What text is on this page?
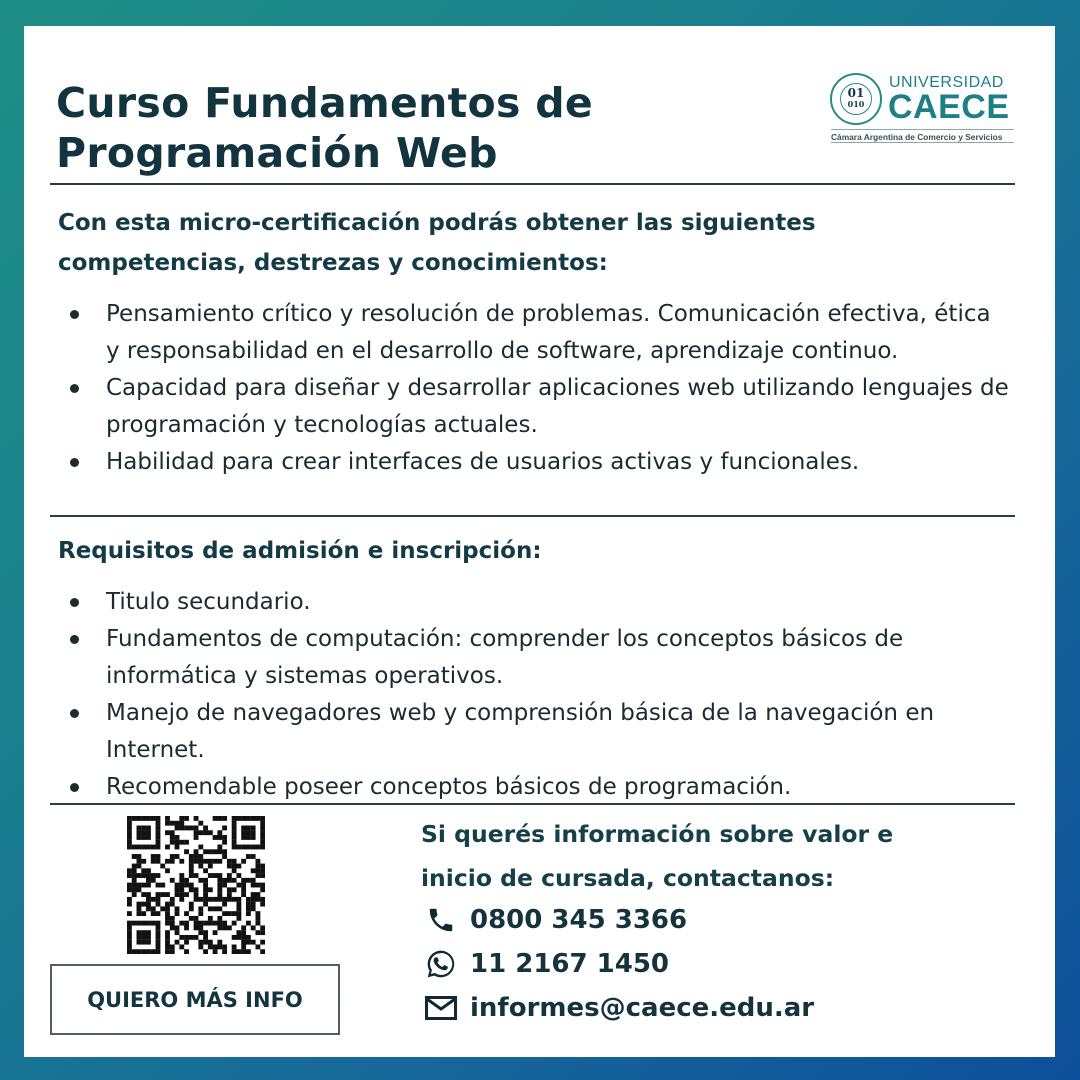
Curso Fundamentos de
Programación Web
01
010
UNIVERSIDAD
CAECE
Cámara Argentina de Comercio y Servicios
Con esta micro-certificación podrás obtener las siguientes
competencias, destrezas y conocimientos:
Pensamiento crítico y resolución de problemas. Comunicación efectiva, ética y responsabilidad en el desarrollo de software, aprendizaje continuo.
Capacidad para diseñar y desarrollar aplicaciones web utilizando lenguajes de programación y tecnologías actuales.
Habilidad para crear interfaces de usuarios activas y funcionales.
Requisitos de admisión e inscripción:
Titulo secundario.
Fundamentos de computación: comprender los conceptos básicos de informática y sistemas operativos.
Manejo de navegadores web y comprensión básica de la navegación en Internet.
Recomendable poseer conceptos básicos de programación.
QUIERO MÁS INFO
Si querés información sobre valor e
inicio de cursada, contactanos:
0800 345 3366
11 2167 1450
informes@caece.edu.ar
